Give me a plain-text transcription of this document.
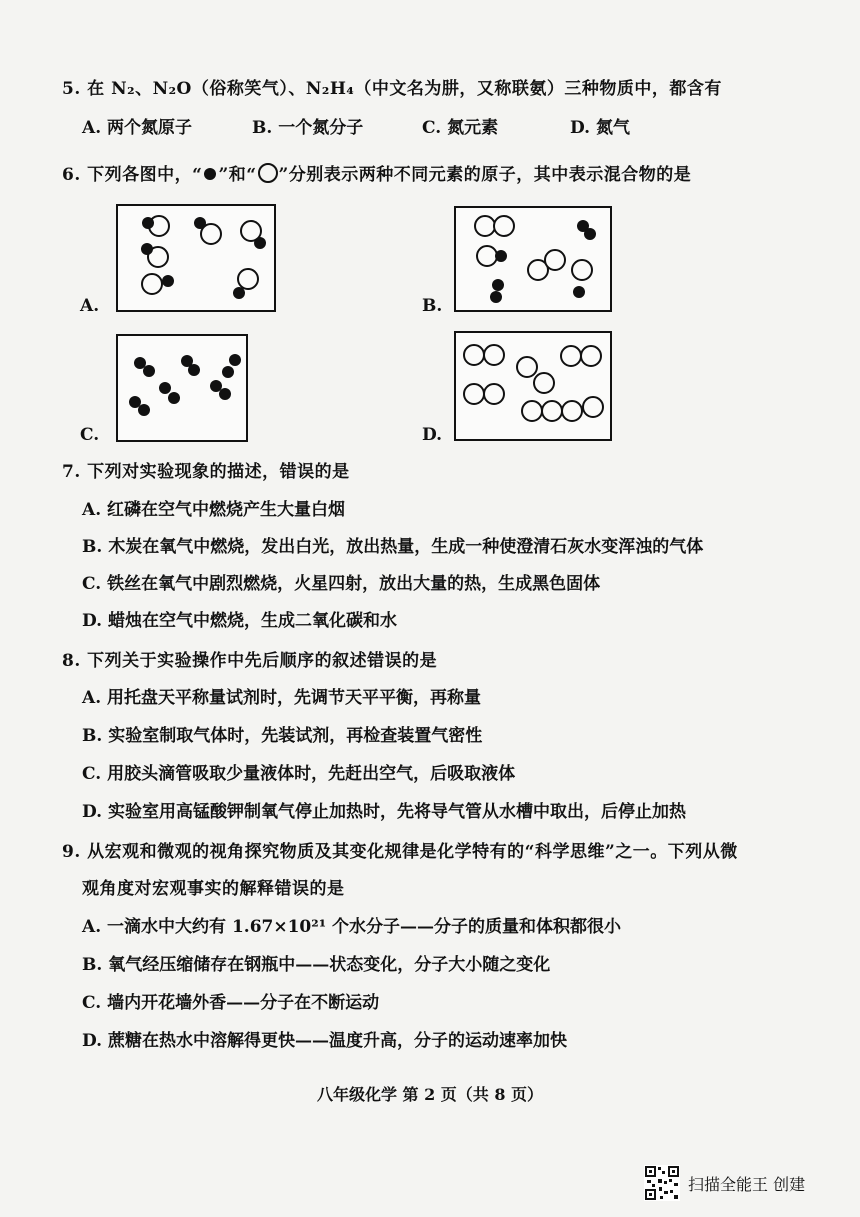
5. 在 N₂、N₂O（俗称笑气）、N₂H₄（中文名为肼，又称联氨）三种物质中，都含有
A. 两个氮原子	B. 一个氮分子	C. 氮元素	D. 氮气
6. 下列各图中，“ ”和“ ”分别表示两种不同元素的原子，其中表示混合物的是
A.	B.
C.	D.
7. 下列对实验现象的描述，错误的是
A. 红磷在空气中燃烧产生大量白烟
B. 木炭在氧气中燃烧，发出白光，放出热量，生成一种使澄清石灰水变浑浊的气体
C. 铁丝在氧气中剧烈燃烧，火星四射，放出大量的热，生成黑色固体
D. 蜡烛在空气中燃烧，生成二氧化碳和水
8. 下列关于实验操作中先后顺序的叙述错误的是
A. 用托盘天平称量试剂时，先调节天平平衡，再称量
B. 实验室制取气体时，先装试剂，再检查装置气密性
C. 用胶头滴管吸取少量液体时，先赶出空气，后吸取液体
D. 实验室用高锰酸钾制氧气停止加热时，先将导气管从水槽中取出，后停止加热
9. 从宏观和微观的视角探究物质及其变化规律是化学特有的“科学思维”之一。下列从微
观角度对宏观事实的解释错误的是
A. 一滴水中大约有 1.67×10²¹ 个水分子——分子的质量和体积都很小
B. 氧气经压缩储存在钢瓶中——状态变化，分子大小随之变化
C. 墙内开花墙外香——分子在不断运动
D. 蔗糖在热水中溶解得更快——温度升高，分子的运动速率加快
八年级化学 第 2 页（共 8 页）
扫描全能王 创建
